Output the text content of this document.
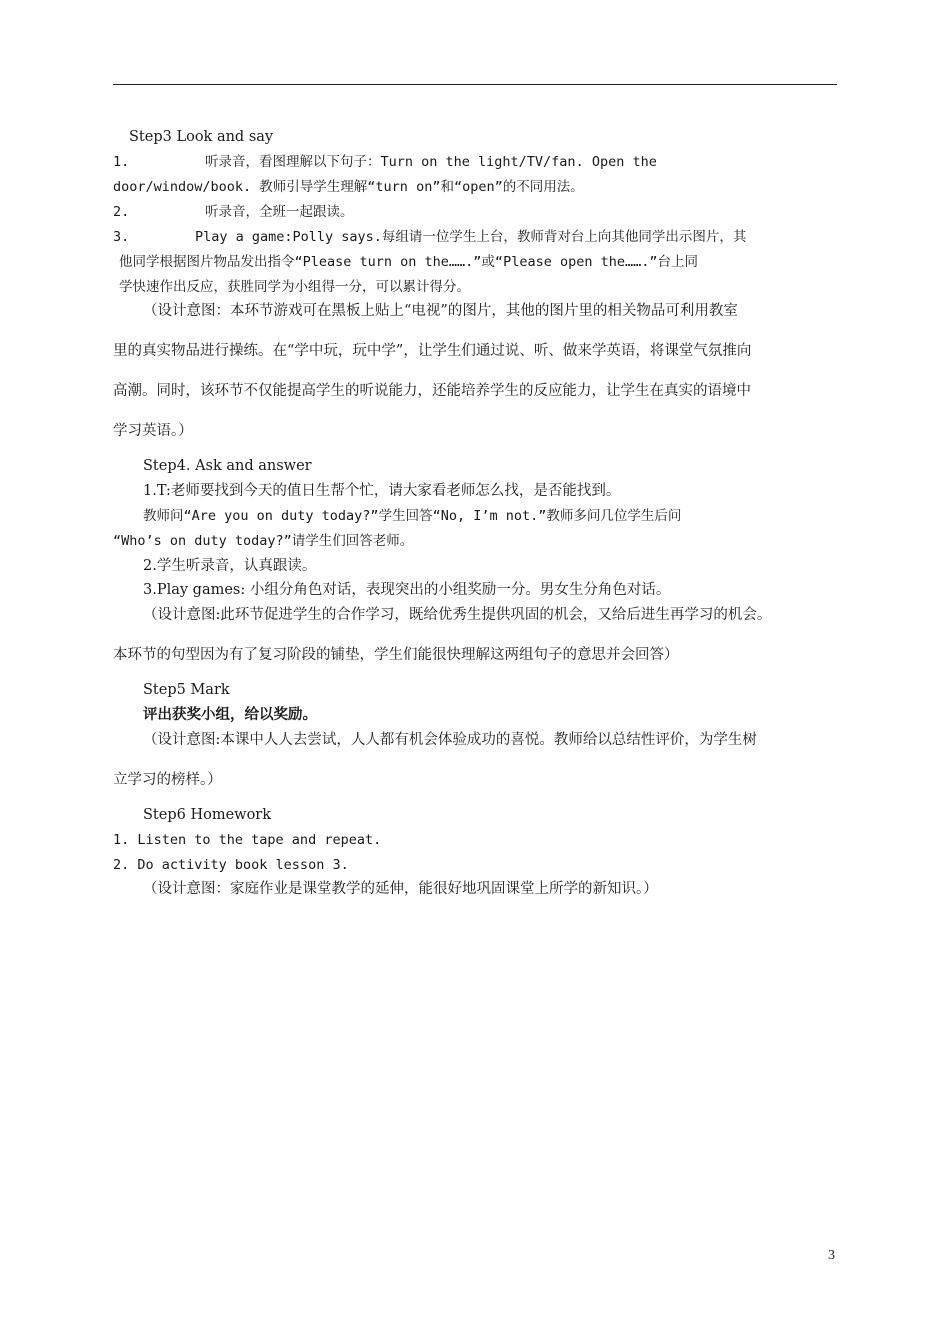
Step3 Look and say
1.	听录音，看图理解以下句子：Turn on the light/TV/fan. Open the
door/window/book. 教师引导学生理解“turn on”和“open”的不同用法。
2.	听录音，全班一起跟读。
3.	Play a game:Polly says.每组请一位学生上台，教师背对台上向其他同学出示图片，其
他同学根据图片物品发出指令“Please turn on the…….”或“Please open the…….”台上同
学快速作出反应，获胜同学为小组得一分，可以累计得分。
（设计意图：本环节游戏可在黑板上贴上“电视”的图片，其他的图片里的相关物品可利用教室
里的真实物品进行操练。在“学中玩，玩中学”，让学生们通过说、听、做来学英语，将课堂气氛推向
高潮。同时，该环节不仅能提高学生的听说能力，还能培养学生的反应能力，让学生在真实的语境中
学习英语。）
Step4. Ask and answer
1.T:老师要找到今天的值日生帮个忙，请大家看老师怎么找，是否能找到。
教师问“Are you on duty today?”学生回答“No, I’m not.”教师多问几位学生后问
“Who’s on duty today?”请学生们回答老师。
2.学生听录音，认真跟读。
3.Play games: 小组分角色对话，表现突出的小组奖励一分。男女生分角色对话。
（设计意图:此环节促进学生的合作学习，既给优秀生提供巩固的机会，又给后进生再学习的机会。
本环节的句型因为有了复习阶段的铺垫，学生们能很快理解这两组句子的意思并会回答）
Step5 Mark
评出获奖小组，给以奖励。
（设计意图:本课中人人去尝试，人人都有机会体验成功的喜悦。教师给以总结性评价，为学生树
立学习的榜样。）
Step6 Homework
1. Listen to the tape and repeat.
2. Do activity book lesson 3.
（设计意图：家庭作业是课堂教学的延伸，能很好地巩固课堂上所学的新知识。）
3
